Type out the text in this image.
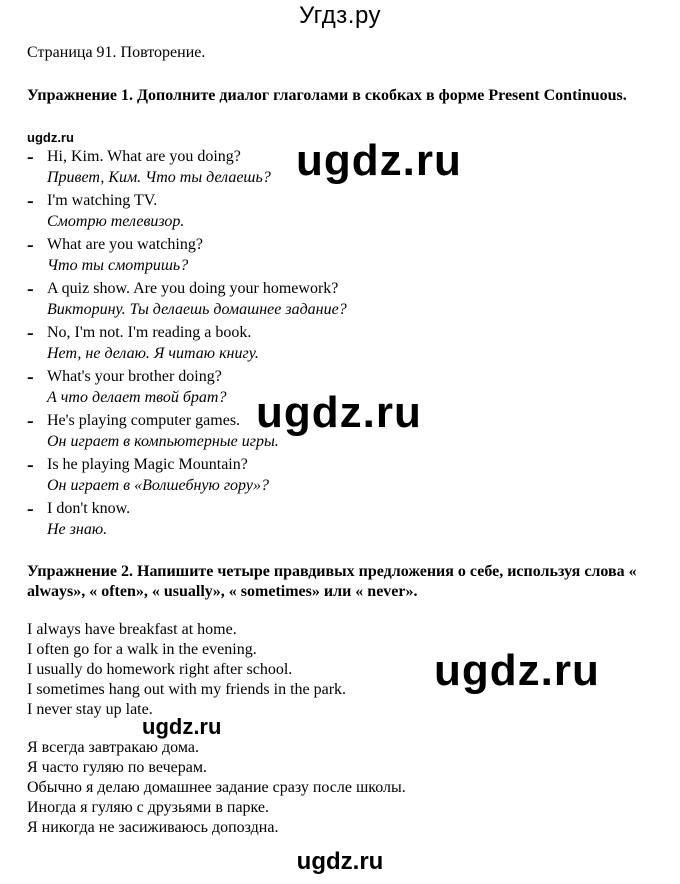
Угдз.ру
Страница 91. Повторение.
Упражнение 1. Дополните диалог глаголами в скобках в форме Present Continuous.
ugdz.ru
- Hi, Kim. What are you doing?
Привет, Ким. Что ты делаешь?
- I'm watching TV.
Смотрю телевизор.
- What are you watching?
Что ты смотришь?
- A quiz show. Are you doing your homework?
Викторину. Ты делаешь домашнее задание?
- No, I'm not. I'm reading a book.
Нет, не делаю. Я читаю книгу.
- What's your brother doing?
А что делает твой брат?
- He's playing computer games.
Он играет в компьютерные игры.
- Is he playing Magic Mountain?
Он играет в «Волшебную гору»?
- I don't know.
Не знаю.
ugdz.ru
ugdz.ru
Упражнение 2. Напишите четыре правдивых предложения о себе, используя слова « always», « often», « usually», « sometimes» или « never».
I always have breakfast at home.
I often go for a walk in the evening.
I usually do homework right after school.
I sometimes hang out with my friends in the park.
I never stay up late.
ugdz.ru
ugdz.ru
Я всегда завтракаю дома.
Я часто гуляю по вечерам.
Обычно я делаю домашнее задание сразу после школы.
Иногда я гуляю с друзьями в парке.
Я никогда не засиживаюсь допоздна.
ugdz.ru
